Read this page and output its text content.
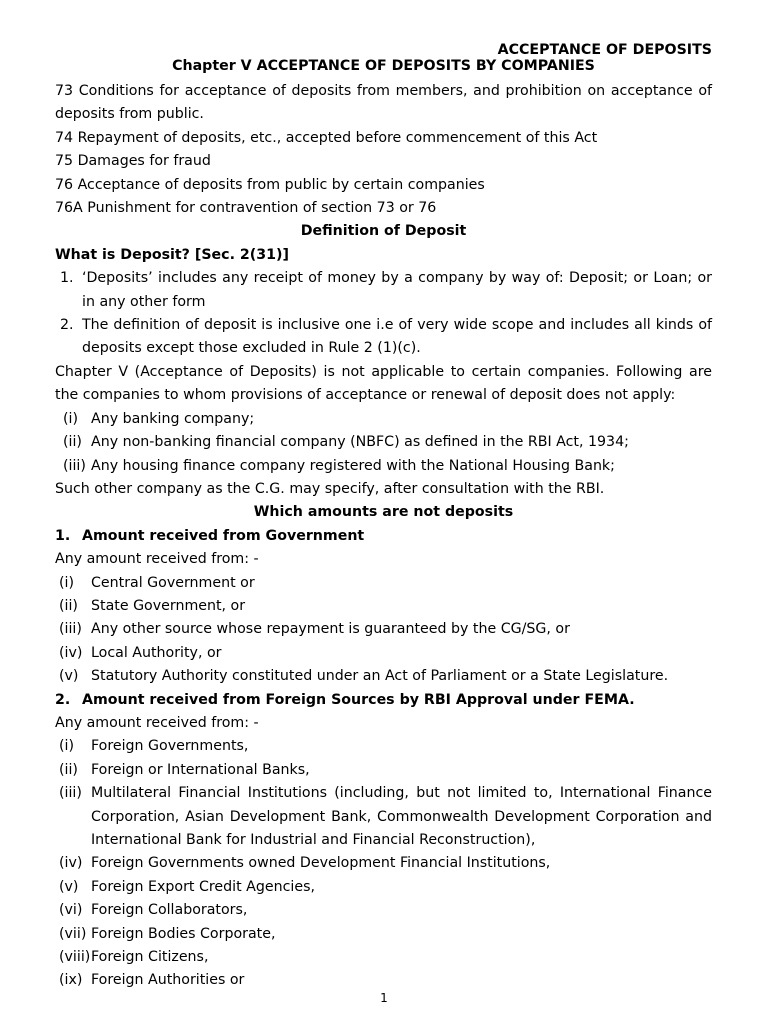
ACCEPTANCE OF DEPOSITS
Chapter V ACCEPTANCE OF DEPOSITS BY COMPANIES
73 Conditions for acceptance of deposits from members, and prohibition on acceptance of deposits from public.
74 Repayment of deposits, etc., accepted before commencement of this Act
75 Damages for fraud
76 Acceptance of deposits from public by certain companies
76A Punishment for contravention of section 73 or 76
Definition of Deposit
What is Deposit? [Sec. 2(31)]
1. ‘Deposits’ includes any receipt of money by a company by way of: Deposit; or Loan; or in any other form
2. The definition of deposit is inclusive one i.e of very wide scope and includes all kinds of deposits except those excluded in Rule 2 (1)(c).
Chapter V (Acceptance of Deposits) is not applicable to certain companies. Following are the companies to whom provisions of acceptance or renewal of deposit does not apply:
(i) Any banking company;
(ii) Any non-banking financial company (NBFC) as defined in the RBI Act, 1934;
(iii) Any housing finance company registered with the National Housing Bank;
Such other company as the C.G. may specify, after consultation with the RBI.
Which amounts are not deposits
1. Amount received from Government
Any amount received from: -
(i) Central Government or
(ii) State Government, or
(iii) Any other source whose repayment is guaranteed by the CG/SG, or
(iv) Local Authority, or
(v) Statutory Authority constituted under an Act of Parliament or a State Legislature.
2. Amount received from Foreign Sources by RBI Approval under FEMA.
Any amount received from: -
(i) Foreign Governments,
(ii) Foreign or International Banks,
(iii) Multilateral Financial Institutions (including, but not limited to, International Finance Corporation, Asian Development Bank, Commonwealth Development Corporation and International Bank for Industrial and Financial Reconstruction),
(iv) Foreign Governments owned Development Financial Institutions,
(v) Foreign Export Credit Agencies,
(vi) Foreign Collaborators,
(vii) Foreign Bodies Corporate,
(viii) Foreign Citizens,
(ix) Foreign Authorities or
1
